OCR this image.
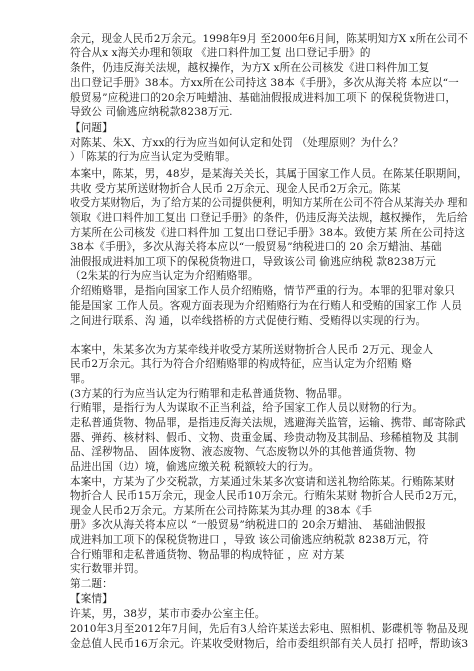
余元，现金人民币2万余元。1998年9月 至2000年6月间，陈某明知方X x所在公司不
符合从x x海关办理和领取 《进口料件加工复 出口登记手册》的
条件，仍违反海关法规，越权操作，为方X x所在公司核发《进口料件加工复
出口登记手册》38本。方xx所在公司持这 38本《手册》，多次从海关将 本应以“一
般贸易”应税进口的20余万吨蜡油、基础油假报成进料加工项下 的保税货物进口，
导致公 司偷逃应纳税款8238万元.
【问题】
对陈某、朱X、方xx的行为应当如何认定和处罚 （处理原则？为什么？
）「陈某的行为应当认定为受贿罪。
本案中，陈某，男，48岁，是某海关关长，其属于国家工作人员。在陈某任职期间，
共收 受方某所送财物折合人民币 2万余元、现金人民币2万余元。陈某
收受方某财物后，为了给方某的公司提供便利，明知方某所在公司不符合从某海关办 理和
领取《进口料件加工复出 口登记手册》的条件，仍违反海关法规，越权操作， 先后给
方某所在公司核发《进口料件加 工复出口登记手册》38本。致使方某 所在公司持这
38本《手册》，多次从海关将本应以“一般贸易”纳税进口的 20 余万蜡油、基础
油假报成进料加工项下的保税货物进口，导致该公司 偷逃应纳税 款8238万元
（2朱某的行为应当认定为介绍贿赂罪。
介绍贿赂罪，是指向国家工作人员介绍贿赂，情节严重的行为。本罪的犯罪对象只
能是国家 工作人员。客观方面表现为介绍贿赂行为在行贿人和受贿的国家工作 人员
之间进行联系、沟 通，以牵线搭桥的方式促使行贿、受贿得以实现的行为。
本案中，朱某多次为方某牵线并收受方某所送财物折合人民币 2万元、现金人
民币2万余元。其行为符合介绍贿赂罪的构成特征，应当认定为介绍贿 赂
罪。
(3方某的行为应当认定为行贿罪和走私普通货物、物品罪。
行贿罪，是指行为人为谋取不正当利益，给予国家工作人员以财物的行为。
走私普通货物、物品罪，是指违反海关法规，逃避海关监管，运输、携带、邮寄除武
器、弹药、核材料、假币、文物、贵重金属、珍贵动物及其制品、珍稀植物及 其制
品、淫秽物品、 固体废物、液态废物、气态废物以外的其他普通货物、物
品进出国（边）境，偷逃应缴关税 税额较大的行为。
本案中，方某为了少交税款，方某通过朱某多次宴请和送礼物给陈某。行贿陈某财
物折合人 民币15万余元，现金人民币10万余元。行贿朱某财 物折合人民币2万元，
现金人民币2万余元。方某所在公司持陈某为其办理 的38本《手
册》多次从海关将本应以 “一般贸易”纳税进口的 20余万蜡油、 基础油假报
成进料加工项下的保税货物进口 ，导致 该公司偷逃应纳税款 8238万元，符
合行贿罪和走私普通货物、物品罪的构成特征 ，应 对方某
实行数罪并罚。
第二题：
【案情】
许某，男，38岁，某市市委办公室主任。
2010年3月至2012年7月间，先后有3人给许某送去彩电、照相机、影碟机等 物品及现
金总值人民币16万余元。许某收受财物后，给市委组织部有关人员打 招呼，帮助该3
